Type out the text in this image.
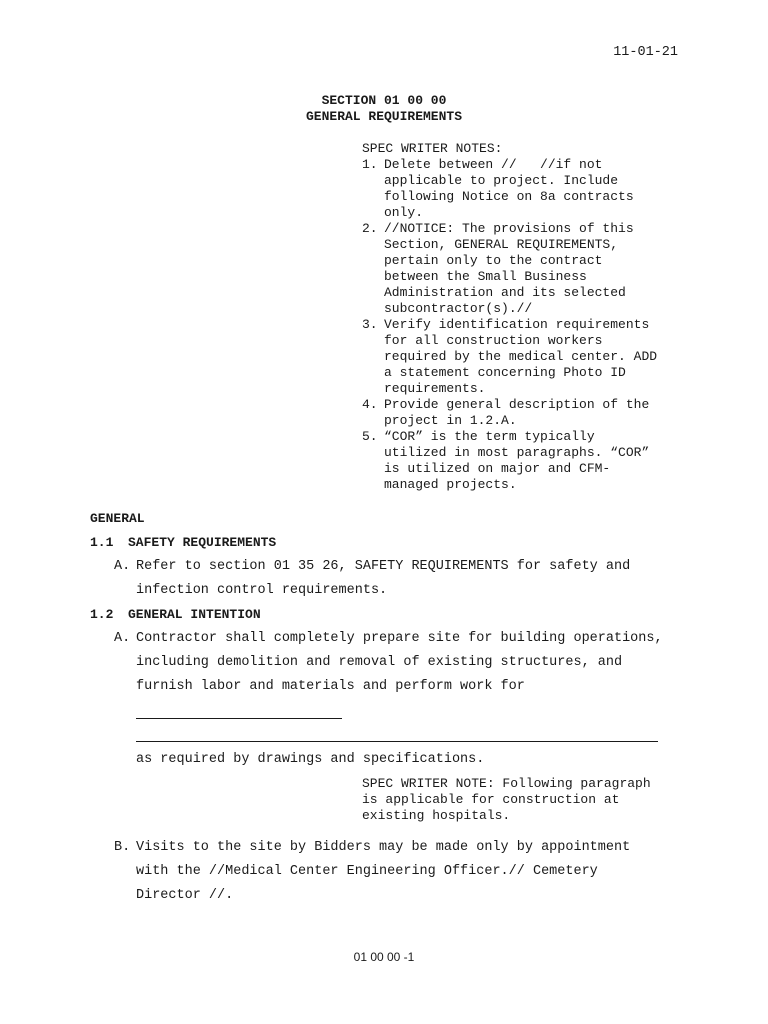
11-01-21
SECTION 01 00 00
GENERAL REQUIREMENTS
SPEC WRITER NOTES:
1. Delete between //   //if not
applicable to project. Include
following Notice on 8a contracts
only.
2. //NOTICE: The provisions of this
Section, GENERAL REQUIREMENTS,
pertain only to the contract
between the Small Business
Administration and its selected
subcontractor(s).//
3. Verify identification requirements
for all construction workers
required by the medical center. ADD
a statement concerning Photo ID
requirements.
4. Provide general description of the
project in 1.2.A.
5. “COR” is the term typically
utilized in most paragraphs. “COR”
is utilized on major and CFM-
managed projects.
GENERAL
1.1 SAFETY REQUIREMENTS
A. Refer to section 01 35 26, SAFETY REQUIREMENTS for safety and
infection control requirements.
1.2 GENERAL INTENTION
A. Contractor shall completely prepare site for building operations,
including demolition and removal of existing structures, and
furnish labor and materials and perform work for
as required by drawings and specifications.
SPEC WRITER NOTE: Following paragraph
is applicable for construction at
existing hospitals.
B. Visits to the site by Bidders may be made only by appointment
with the //Medical Center Engineering Officer.// Cemetery
Director //.
01 00 00 -1
